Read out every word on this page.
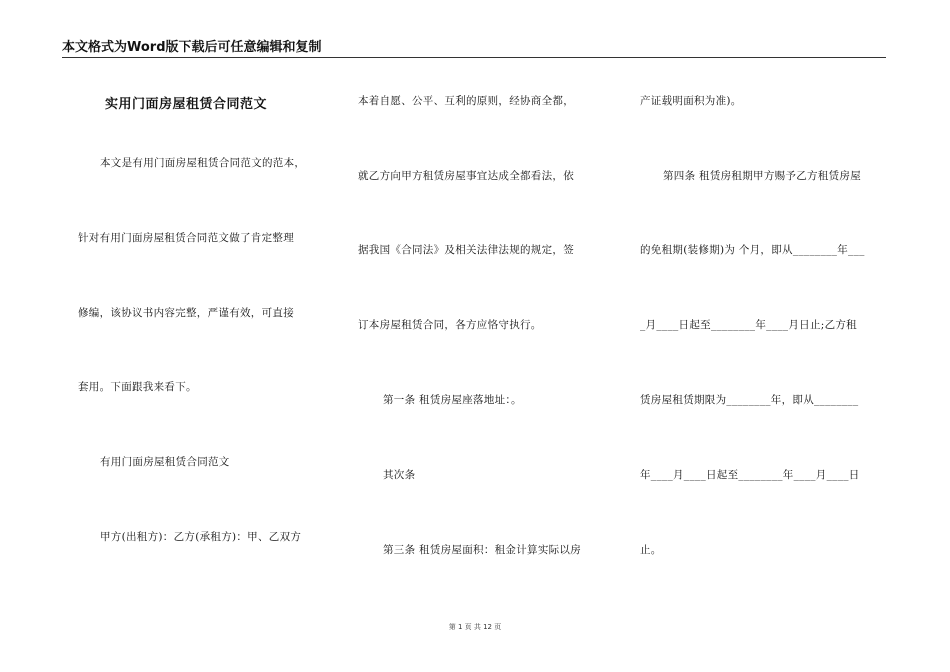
本文格式为Word版下载后可任意编辑和复制
实用门面房屋租赁合同范文
本文是有用门面房屋租赁合同范文的范本，
针对有用门面房屋租赁合同范文做了肯定整理
修编，该协议书内容完整，严谨有效，可直接
套用。下面跟我来看下。
有用门面房屋租赁合同范文
甲方(出租方)：乙方(承租方)：甲、乙双方
本着自愿、公平、互利的原则，经协商全都，
就乙方向甲方租赁房屋事宜达成全都看法，依
据我国《合同法》及相关法律法规的规定，签
订本房屋租赁合同，各方应恪守执行。
第一条 租赁房屋座落地址：。
其次条
第三条 租赁房屋面积：租金计算实际以房
产证载明面积为准)。
第四条 租赁房租期甲方赐予乙方租赁房屋
的免租期(装修期)为 个月，即从________年___
_月____日起至________年____月日止;乙方租
赁房屋租赁期限为________年，即从________
年____月____日起至________年____月____日
止。
第 1 页 共 12 页
